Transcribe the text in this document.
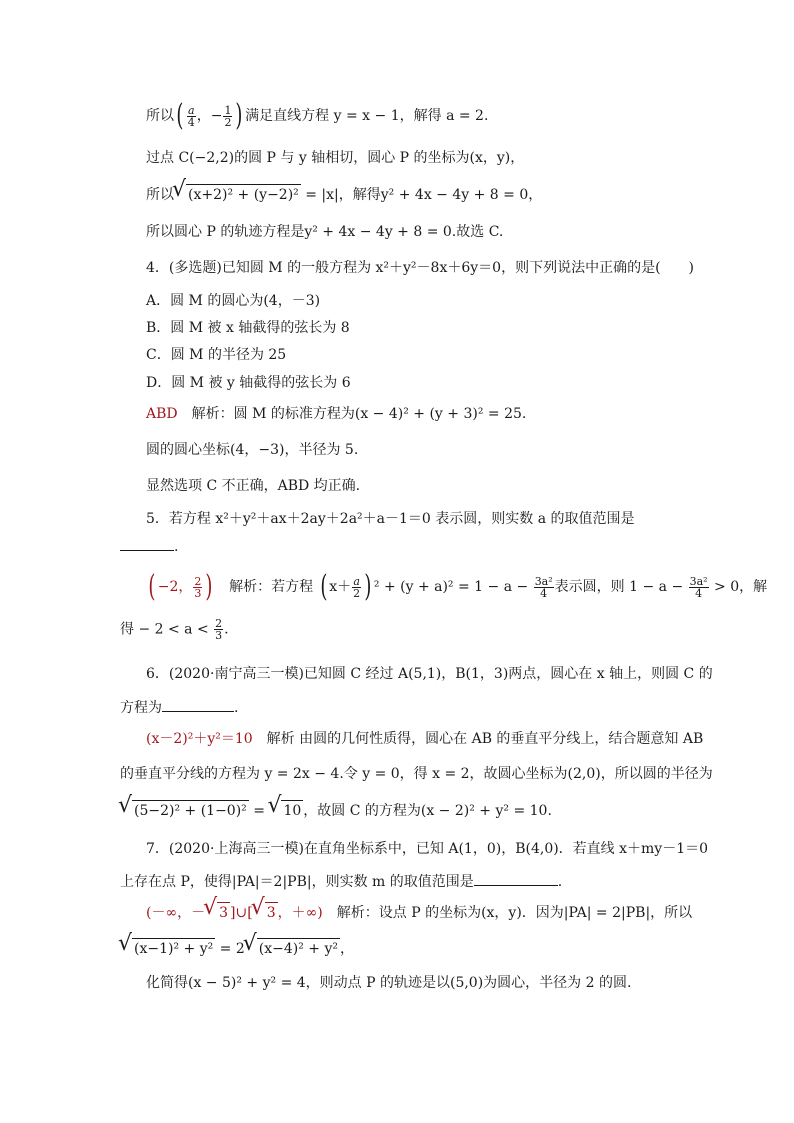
所以( $\frac{a}{4}$ ，− $\frac{1}{2}$ ) 满足直线方程 y = x − 1，解得 a = 2.
过点 C(−2,2)的圆 P 与 y 轴相切，圆心 P 的坐标为(x，y)，
所以 √ (x+2)² + (y−2)² = |x|，解得y² + 4x − 4y + 8 = 0，
所以圆心 P 的轨迹方程是y² + 4x − 4y + 8 = 0.故选 C.
4．(多选题)已知圆 M 的一般方程为 x²＋y²－8x＋6y＝0，则下列说法中正确的是(　　)
A．圆 M 的圆心为(4，－3)
B．圆 M 被 x 轴截得的弦长为 8
C．圆 M 的半径为 25
D．圆 M 被 y 轴截得的弦长为 6
ABD　解析：圆 M 的标准方程为(x − 4)² + (y + 3)² = 25.
圆的圆心坐标(4，−3)，半径为 5.
显然选项 C 不正确，ABD 均正确.
5．若方程 x²＋y²＋ax＋2ay＋2a²＋a－1＝0 表示圆，则实数 a 的取值范围是
.
( −2， $\frac{2}{3}$ )　解析：若方程 ( $x+ \frac{a}{2}$ ) $^2 + (y + a)^2 = 1 - a - \frac{\text{3a²}}{4}$ 表示圆，则 $1 - a - \frac{\text{3a²}}{4} > 0$，解
得 − $2 < a < \frac{2}{3}$ .
6．(2020·南宁高三一模)已知圆 C 经过 A(5,1)，B(1，3)两点，圆心在 x 轴上，则圆 C 的
方程为	.
(x－2)²＋y²＝10　解析 由圆的几何性质得，圆心在 AB 的垂直平分线上，结合题意知 AB
的垂直平分线的方程为 y = 2x − 4.令 y = 0，得 x = 2，故圆心坐标为(2,0)，所以圆的半径为
√ (5−2)² + (1−0)² = √ 10 ，故圆 C 的方程为(x − 2)² + y² = 10.
7．(2020·上海高三一模)在直角坐标系中，已知 A(1，0)，B(4,0)．若直线 x＋my－1＝0
上存在点 P，使得|PA|＝2|PB|，则实数 m 的取值范围是	.
(－∞，－ √ 3 ]∪[ √ 3 ，＋∞)　解析：设点 P 的坐标为(x，y)．因为|PA| = 2|PB|，所以
√ (x−1)² + y² = 2 √ (x−4)² + y² ，
化简得(x − 5)² + y² = 4，则动点 P 的轨迹是以(5,0)为圆心，半径为 2 的圆.
